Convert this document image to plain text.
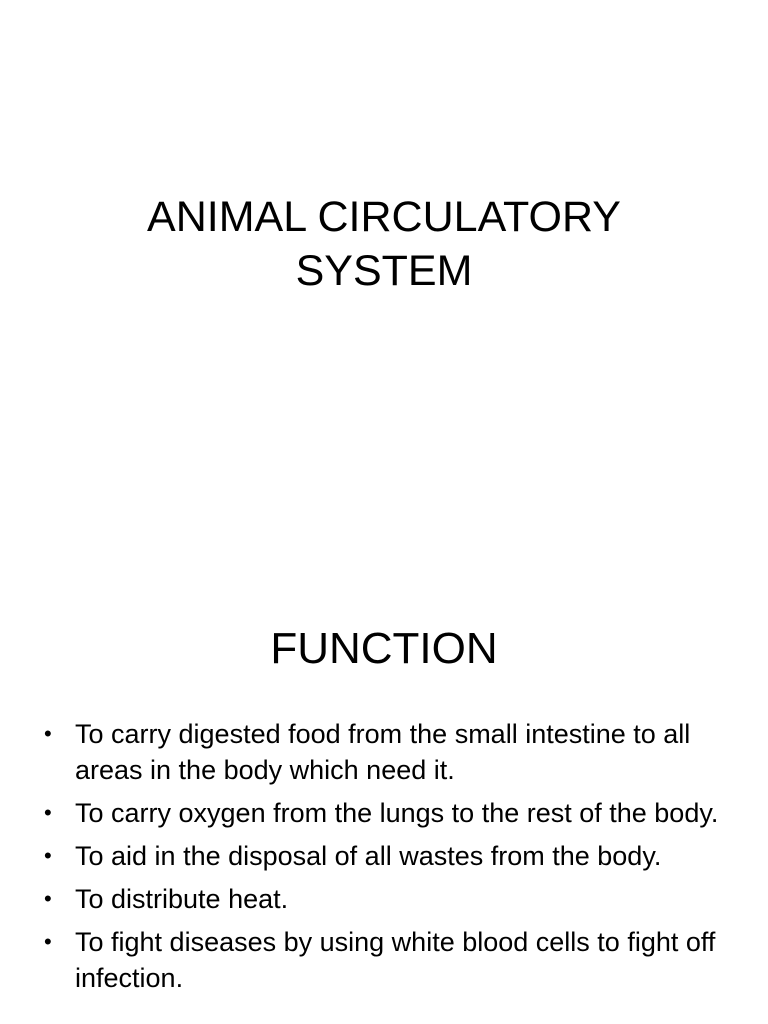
ANIMAL CIRCULATORY
SYSTEM
FUNCTION
• To carry digested food from the small intestine to all areas in the body which need it.
• To carry oxygen from the lungs to the rest of the body.
• To aid in the disposal of all wastes from the body.
• To distribute heat.
• To fight diseases by using white blood cells to fight off infection.
